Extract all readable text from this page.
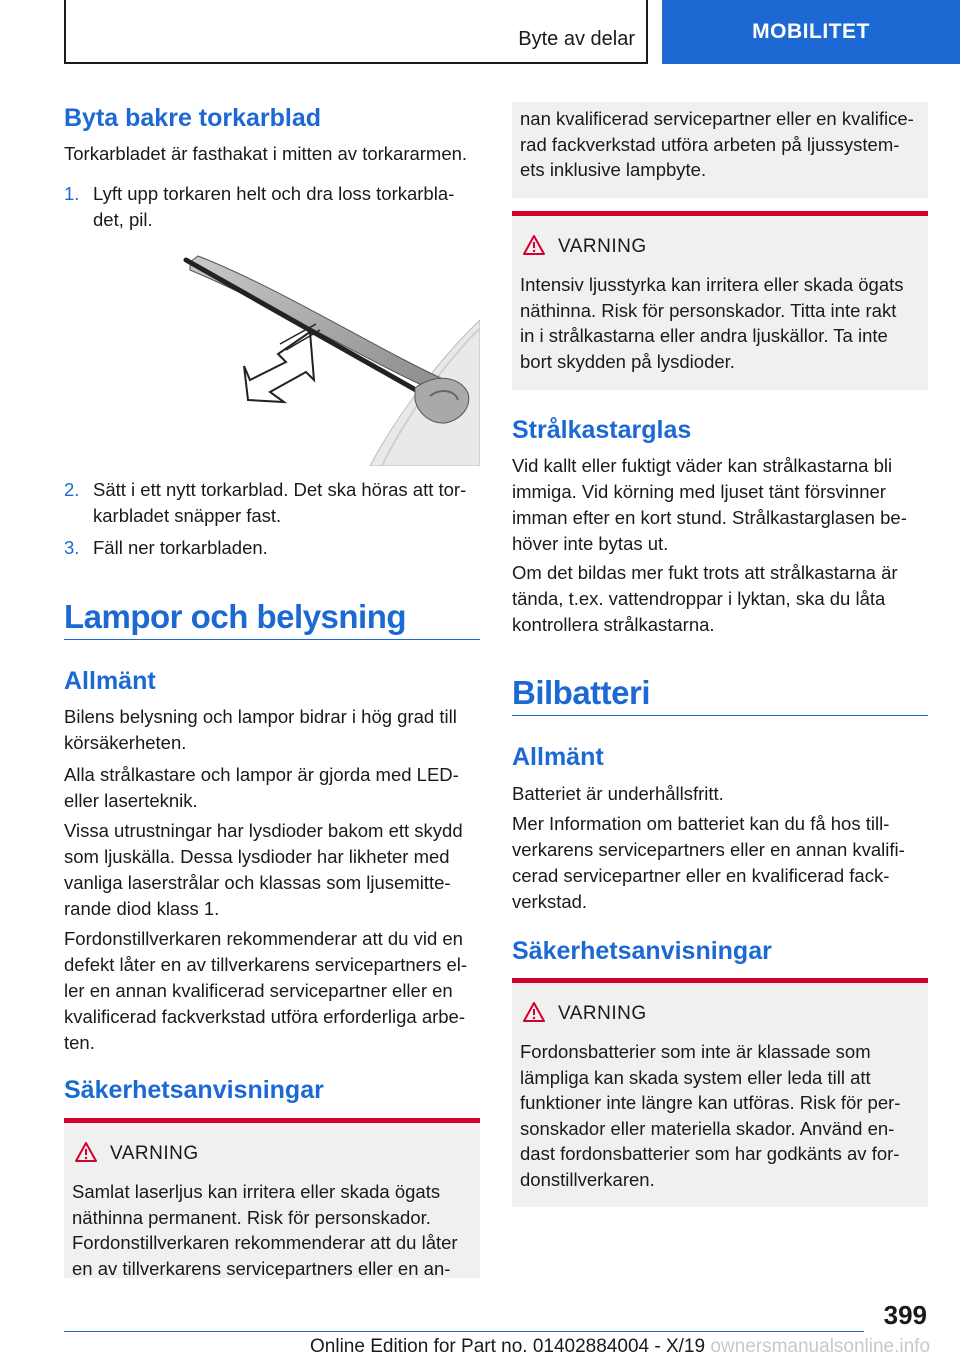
Byte av delar	MOBILITET
Byta bakre torkarblad

Torkarbladet är fasthakat i mitten av torkararmen.

1. Lyft upp torkaren helt och dra loss torkarbla-
det, pil.

2. Sätt i ett nytt torkarblad. Det ska höras att tor-
karbladet snäpper fast.

3. Fäll ner torkarbladen.

Lampor och belysning
Allmänt

Bilens belysning och lampor bidrar i hög grad till
körsäkerheten.

Alla strålkastare och lampor är gjorda med LED-
eller laserteknik.

Vissa utrustningar har lysdioder bakom ett skydd
som ljuskälla. Dessa lysdioder har likheter med
vanliga laserstrålar och klassas som ljusemitte-
rande diod klass 1.

Fordonstillverkaren rekommenderar att du vid en
defekt låter en av tillverkarens servicepartners el-
ler en annan kvalificerad servicepartner eller en
kvalificerad fackverkstad utföra erforderliga arbe-
ten.

Säkerhetsanvisningar
VARNING
Samlat laserljus kan irritera eller skada ögats
näthinna permanent. Risk för personskador.
Fordonstillverkaren rekommenderar att du låter
en av tillverkarens servicepartners eller en an-
nan kvalificerad servicepartner eller en kvalifice-
rad fackverkstad utföra arbeten på ljussystem-
ets inklusive lampbyte.
VARNING
Intensiv ljusstyrka kan irritera eller skada ögats
näthinna. Risk för personskador. Titta inte rakt
in i strålkastarna eller andra ljuskällor. Ta inte
bort skydden på lysdioder.
Strålkastarglas

Vid kallt eller fuktigt väder kan strålkastarna bli
immiga. Vid körning med ljuset tänt försvinner
imman efter en kort stund. Strålkastarglasen be-
höver inte bytas ut.

Om det bildas mer fukt trots att strålkastarna är
tända, t.ex. vattendroppar i lyktan, ska du låta
kontrollera strålkastarna.

Bilbatteri
Allmänt

Batteriet är underhållsfritt.

Mer Information om batteriet kan du få hos till-
verkarens servicepartners eller en annan kvalifi-
cerad servicepartner eller en kvalificerad fack-
verkstad.

Säkerhetsanvisningar
VARNING
Fordonsbatterier som inte är klassade som
lämpliga kan skada system eller leda till att
funktioner inte längre kan utföras. Risk för per-
sonskador eller materiella skador. Använd en-
dast fordonsbatterier som har godkänts av for-
donstillverkaren.
399
Online Edition for Part no. 01402884004 - X/19 ownersmanualsonline.info
